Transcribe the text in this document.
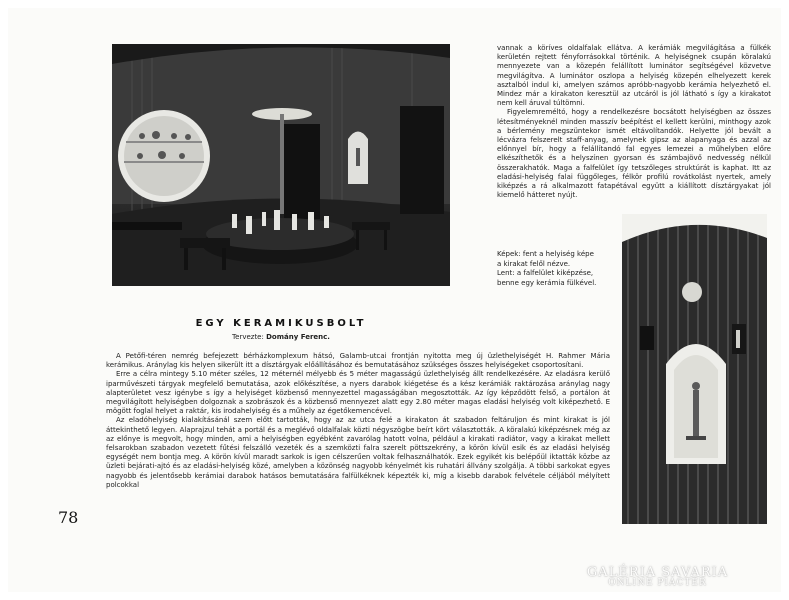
EGY KERAMIKUSBOLT
Tervezte: Domány Ferenc.

vannak a köríves oldalfalak ellátva. A kerámiák megvilágítása a fülkék kerületén rejtett fényforrásokkal történik. A helyiségnek csupán köralakú mennyezete van a közepén felállított luminátor segítségével közvetve megvilágítva. A luminátor oszlopa a helyiség közepén elhelyezett kerek asztalból indul ki, amelyen számos apróbb-nagyobb kerámia helyezhető el. Mindez már a kirakaton keresztül az utcáról is jól látható s így a kirakatot nem kell áruval túltömni.

Figyelemreméltó, hogy a rendelkezésre bocsátott helyiségben az összes létesítményeknél minden masszív beépítést el kellett kerülni, minthogy azok a bérlemény megszüntekor ismét eltávolítandók. Helyette jól bevált a lécvázra felszerelt staff-anyag, amelynek gipsz az alapanyaga és azzal az előnnyel bír, hogy a felállítandó fal egyes lemezei a műhelyben előre elkészíthetők és a helyszínen gyorsan és számbajövő nedvesség nélkül összerakhatók. Maga a falfelület így tetszőleges struktúrát is kaphat. Itt az eladási-helyiség falai függőleges, félkör profilú rovátkolást nyertek, amely kiképzés a rá alkalmazott fatapétával együtt a kiállított dísztárgyakat jól kiemelő hátteret nyújt.

Képek: fent a helyiség képe
a kirakat felől nézve.
Lent: a falfelület kiképzése,
benne egy kerámia fülkével.

A Petőfi-téren nemrég befejezett bérházkomplexum hátsó, Galamb-utcai frontján nyitotta meg új üzlethelyiségét H. Rahmer Mária kerámikus. Aránylag kis helyen sikerült itt a dísztárgyak előállításához és bemutatásához szükséges összes helyiségeket csoportosítani.

Erre a célra mintegy 5.10 méter széles, 12 méternél mélyebb és 5 méter magasságú üzlethelyiség állt rendelkezésére. Az eladásra kerülő iparművészeti tárgyak megfelelő bemutatása, azok előkészítése, a nyers darabok kiégetése és a kész kerámiák raktározása aránylag nagy alapterületet vesz igénybe s így a helyiséget közbenső mennyezettel magasságában megosztották. Az így képződött felső, a portálon át megvilágított helyiségben dolgoznak a szobrászok és a közbenső mennyezet alatt egy 2.80 méter magas eladási helyiség volt kiképezhető. E mögött foglal helyet a raktár, kis irodahelyiség és a műhely az égetőkemencével.

Az eladóhelyiség kialakításánál szem előtt tartották, hogy az az utca felé a kirakaton át szabadon feltáruljon és mint kirakat is jól áttekinthető legyen. Alaprajzul tehát a portál és a meglévő oldalfalak közti négyszögbe beírt kört választották. A köralakú kiképzésnek még az az előnye is megvolt, hogy minden, ami a helyiségben egyébként zavarólag hatott volna, például a kirakati radiátor, vagy a kirakat mellett felsarokban szabadon vezetett fűtési felszálló vezeték és a szemközti falra szerelt pöttszekrény, a körön kívül esik és az eladási helyiség egységét nem bontja meg. A körön kívül maradt sarkok is igen célszerűen voltak felhasználhatók. Ezek egyikét kis belépőül iktatták közbe az üzleti bejárati-ajtó és az eladási-helyiség közé, amelyben a közönség nagyobb kényelmét kis ruhatári állvány szolgálja. A többi sarkokat egyes nagyobb és jelentősebb kerámiai darabok hatásos bemutatására falfülkéknek képezték ki, míg a kisebb darabok felvétele céljából mélyített polcokkal

78
GALÉRIA SAVARIA
ONLINE PIACTÉR
